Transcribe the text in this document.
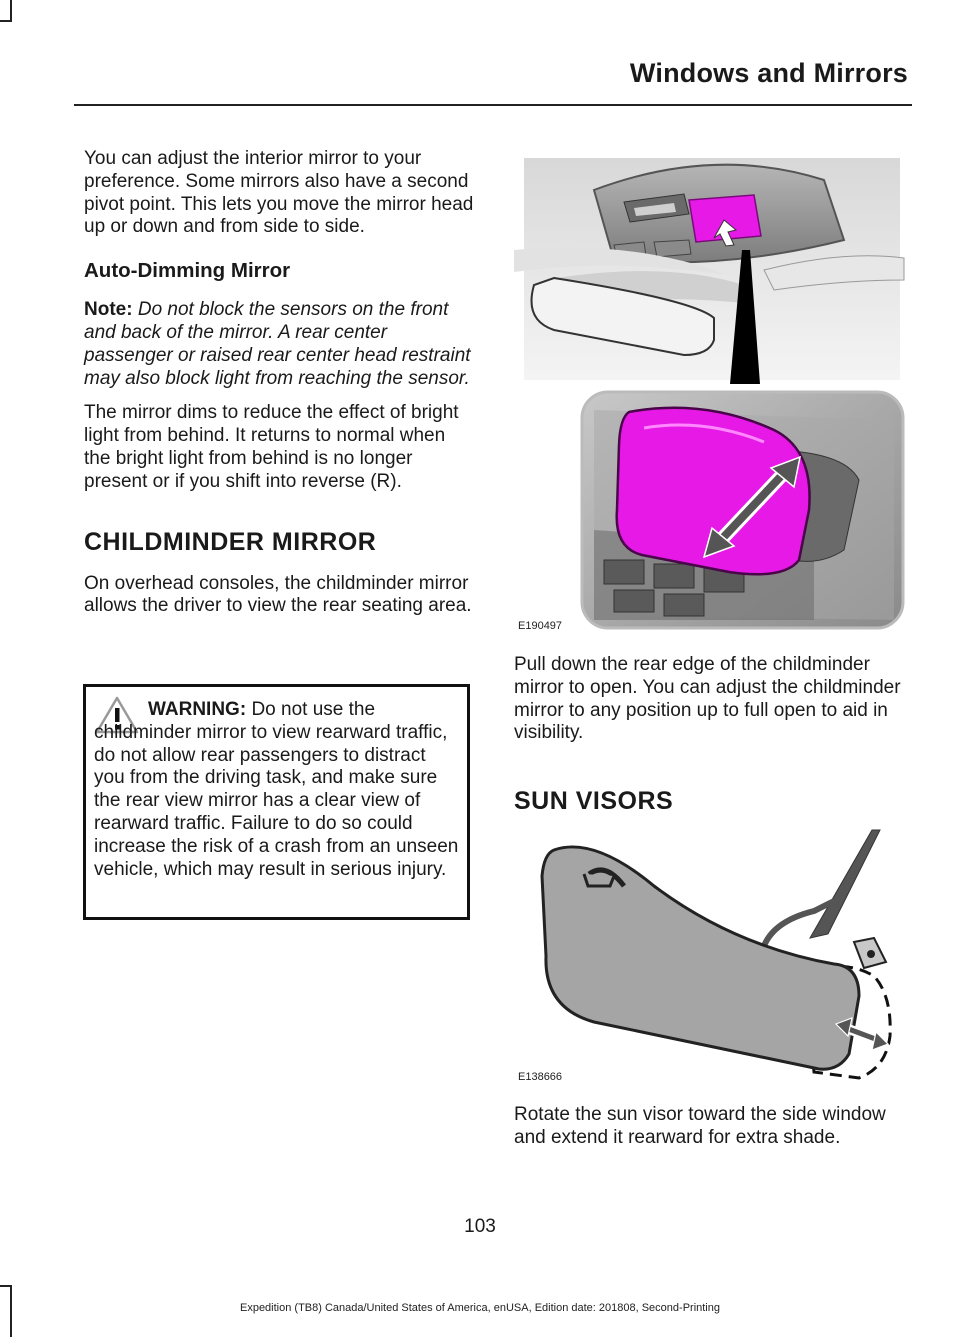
Windows and Mirrors

You can adjust the interior mirror to your preference. Some mirrors also have a second pivot point. This lets you move the mirror head up or down and from side to side.

Auto-Dimming Mirror

Note: Do not block the sensors on the front and back of the mirror. A rear center passenger or raised rear center head restraint may also block light from reaching the sensor.

The mirror dims to reduce the effect of bright light from behind. It returns to normal when the bright light from behind is no longer present or if you shift into reverse (R).

CHILDMINDER MIRROR

On overhead consoles, the childminder mirror allows the driver to view the rear seating area.

WARNING: Do not use the childminder mirror to view rearward traffic, do not allow rear passengers to distract you from the driving task, and make sure the rear view mirror has a clear view of rearward traffic. Failure to do so could increase the risk of a crash from an unseen vehicle, which may result in serious injury.
E190497

Pull down the rear edge of the childminder mirror to open. You can adjust the childminder mirror to any position up to full open to aid in visibility.

SUN VISORS
E138666

Rotate the sun visor toward the side window and extend it rearward for extra shade.

103
Expedition (TB8) Canada/United States of America, enUSA, Edition date: 201808, Second-Printing
